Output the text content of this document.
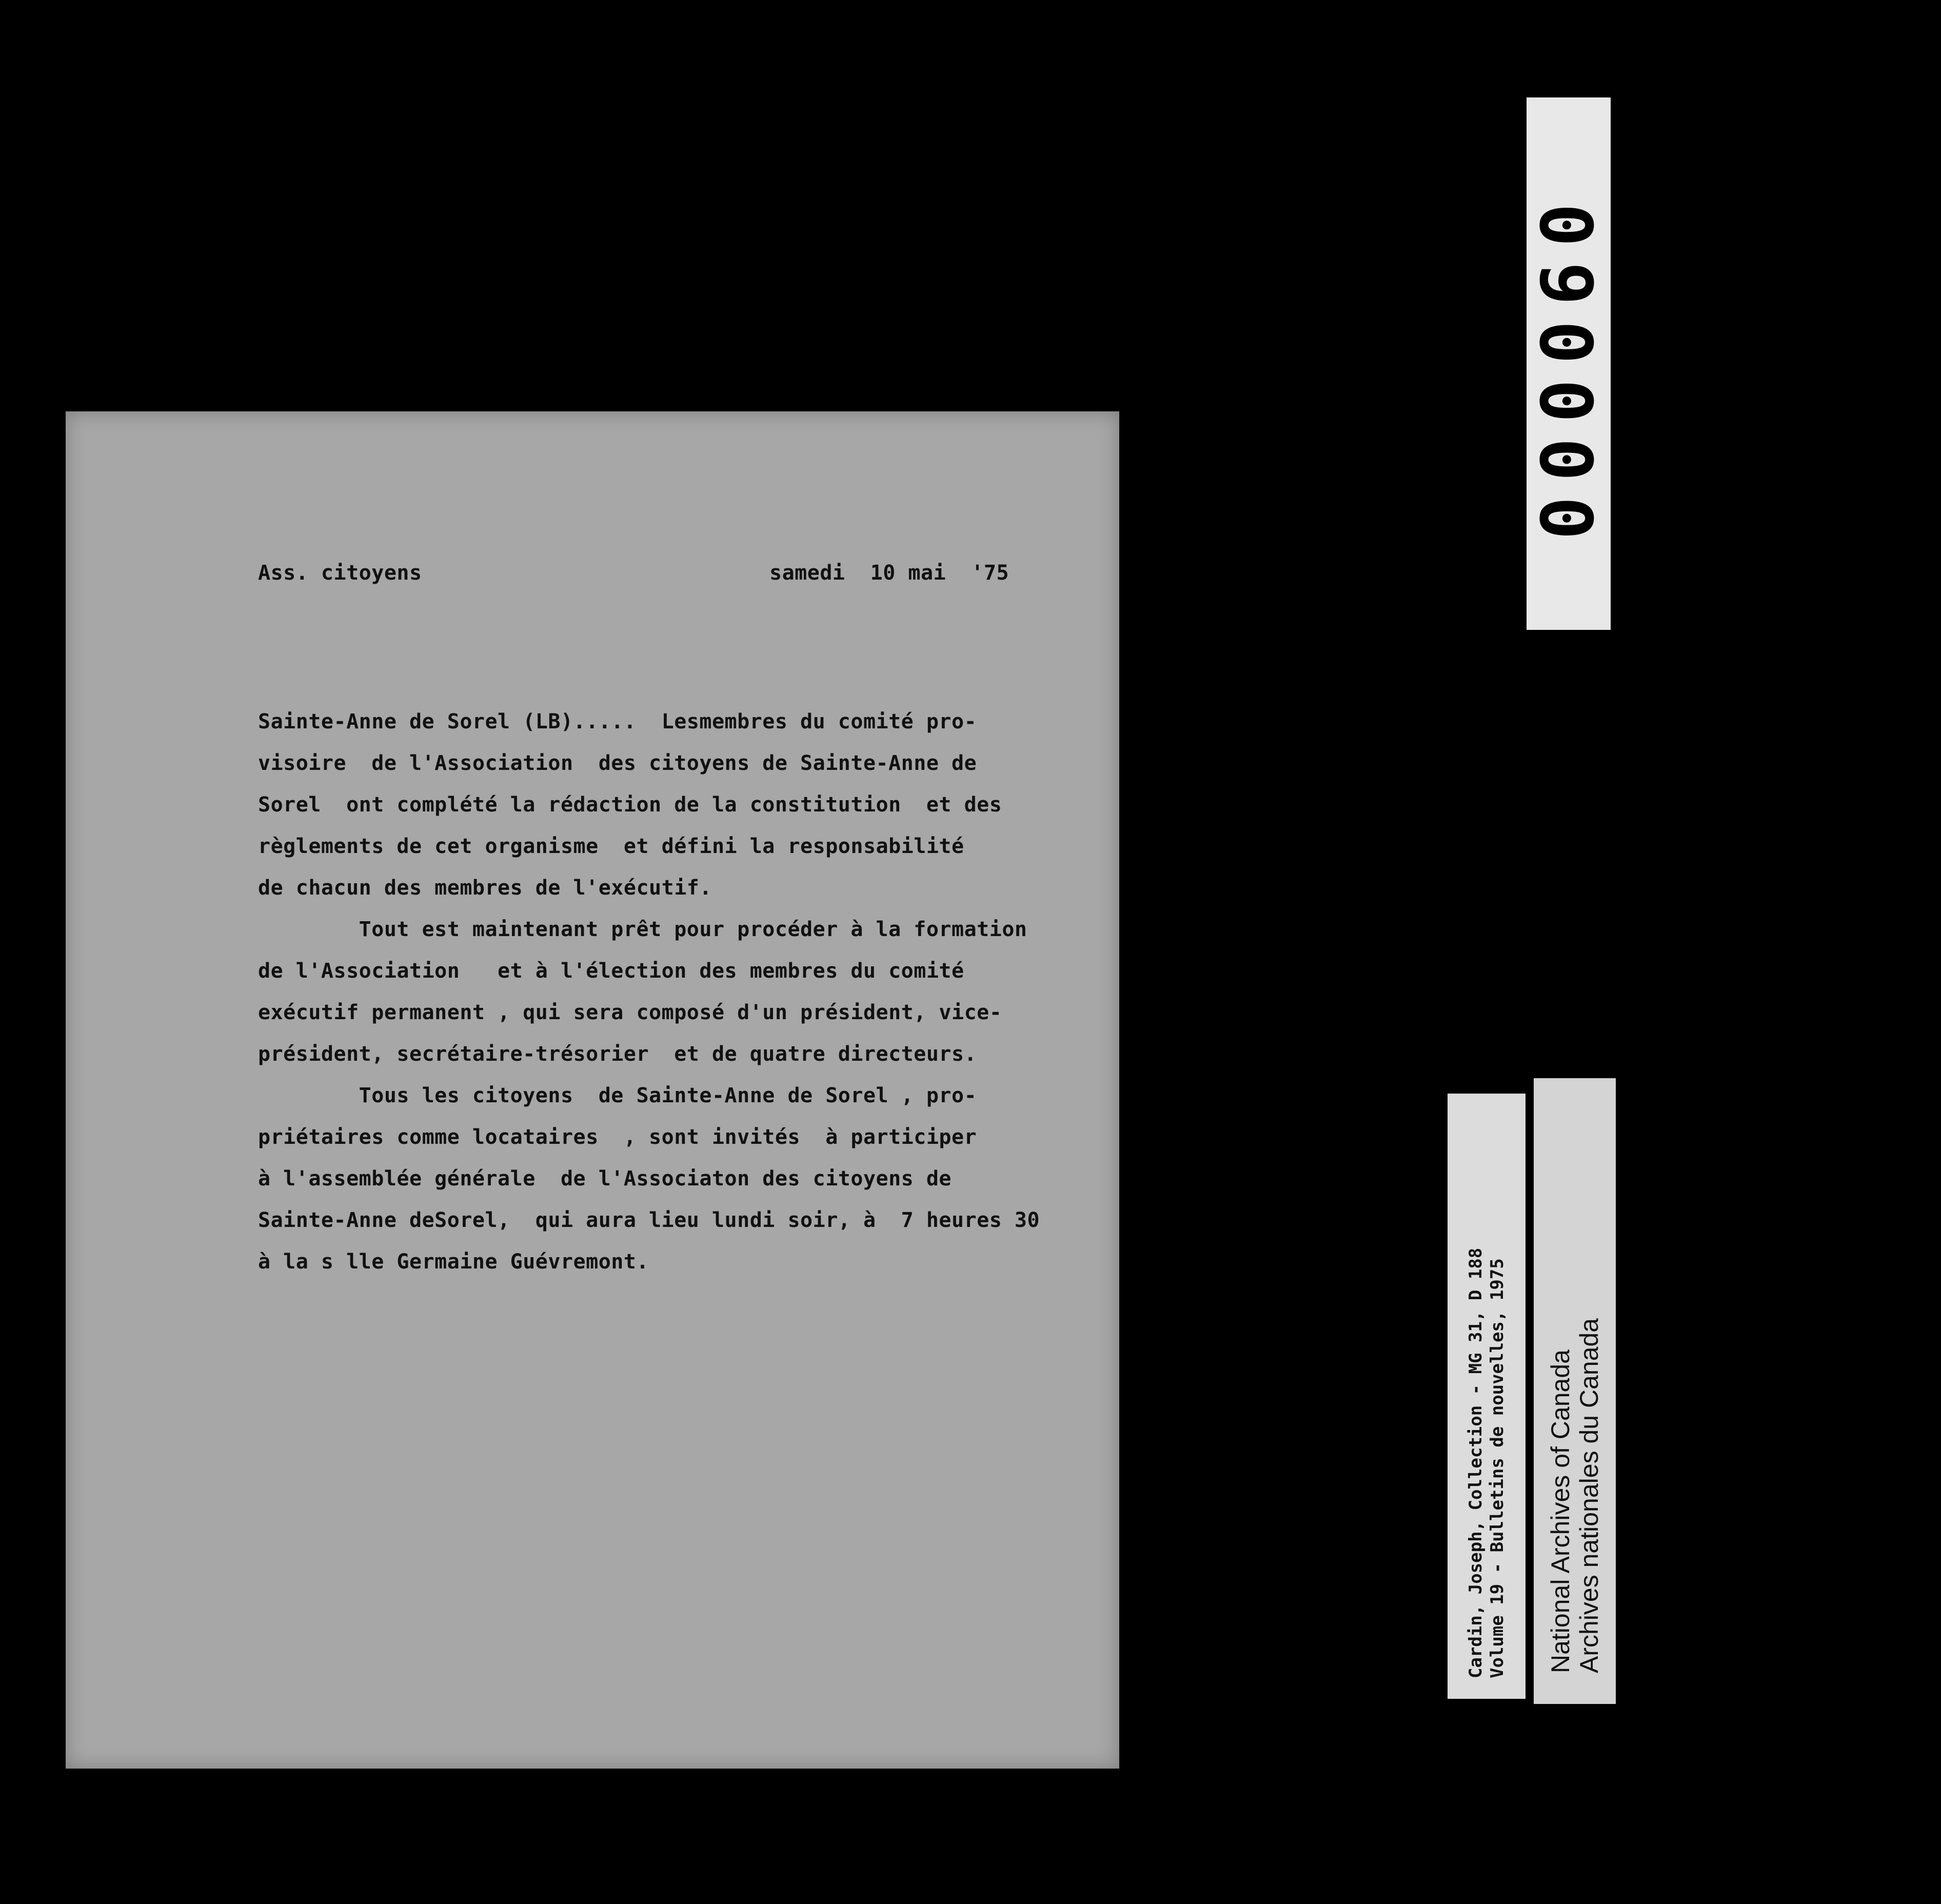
Ass. citoyens	samedi  10 mai  '75
Sainte-Anne de Sorel (LB).....  Lesmembres du comité pro-
visoire  de l'Association  des citoyens de Sainte-Anne de
Sorel  ont complété la rédaction de la constitution  et des
règlements de cet organisme  et défini la responsabilité
de chacun des membres de l'exécutif.
Tout est maintenant prêt pour procéder à la formation
de l'Association   et à l'élection des membres du comité
exécutif permanent , qui sera composé d'un président, vice-
président, secrétaire-trésorier  et de quatre directeurs.
Tous les citoyens  de Sainte-Anne de Sorel , pro-
priétaires comme locataires  , sont invités  à participer
à l'assemblée générale  de l'Associaton des citoyens de
Sainte-Anne deSorel,  qui aura lieu lundi soir, à  7 heures 30
à la s lle Germaine Guévremont.
000060
Cardin, Joseph, Collection - MG 31, D 188 Volume 19 - Bulletins de nouvelles, 1975 National Archives of Canada Archives nationales du Canada
